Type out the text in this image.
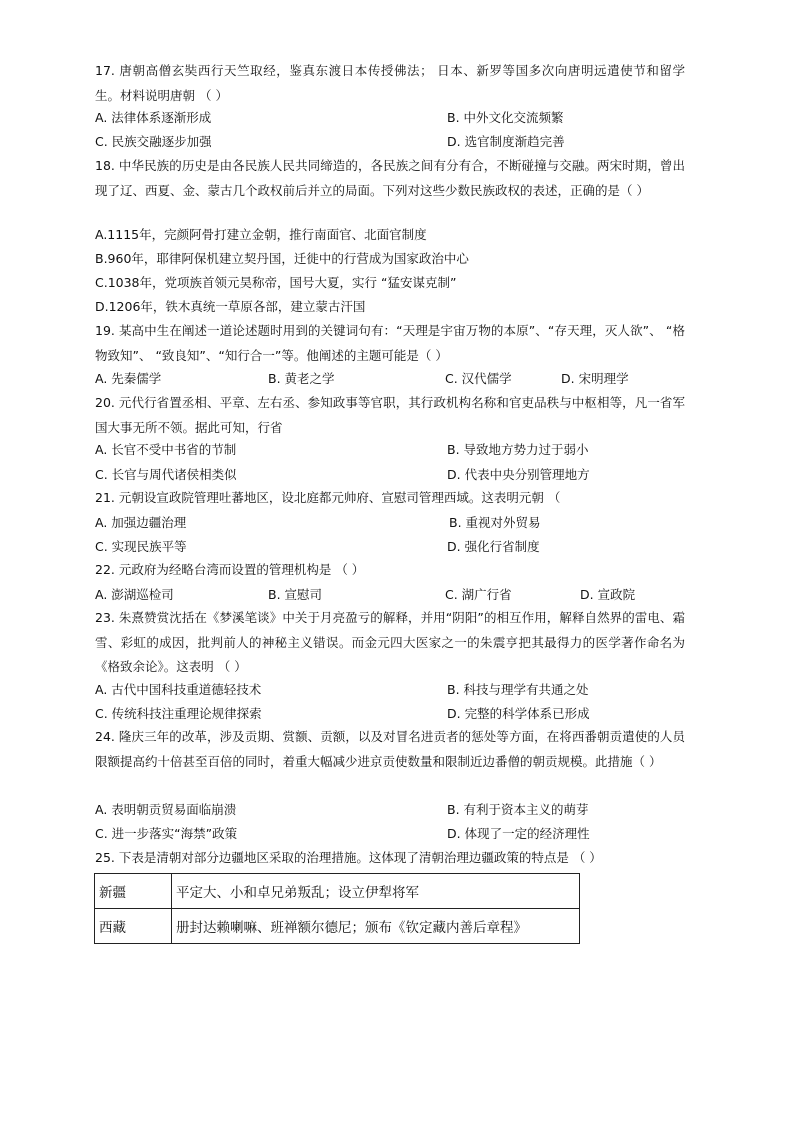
17. 唐朝高僧玄奘西行天竺取经，鉴真东渡日本传授佛法； 日本、新罗等国多次向唐明远遣使节和留学生。材料说明唐朝 （ ）
A. 法律体系逐渐形成	B. 中外文化交流频繁
C. 民族交融逐步加强	D. 选官制度渐趋完善
18. 中华民族的历史是由各民族人民共同缔造的，各民族之间有分有合，不断碰撞与交融。两宋时期，曾出现了辽、西夏、金、蒙古几个政权前后并立的局面。下列对这些少数民族政权的表述，正确的是（ ）
A.1115年，完颜阿骨打建立金朝，推行南面官、北面官制度
B.960年，耶律阿保机建立契丹国，迁徙中的行营成为国家政治中心
C.1038年，党项族首领元昊称帝，国号大夏，实行 “猛安谋克制”
D.1206年，铁木真统一草原各部，建立蒙古汗国
19. 某高中生在阐述一道论述题时用到的关键词句有：“天理是宇宙万物的本原”、“存天理，灭人欲”、 “格物致知”、 “致良知”、“知行合一”等。他阐述的主题可能是（ ）
A. 先秦儒学	B. 黄老之学	C. 汉代儒学	D. 宋明理学
20. 元代行省置丞相、平章、左右丞、参知政事等官职，其行政机构名称和官吏品秩与中枢相等，凡一省军国大事无所不领。据此可知，行省
A. 长官不受中书省的节制	B. 导致地方势力过于弱小
C. 长官与周代诸侯相类似	D. 代表中央分别管理地方
21. 元朝设宣政院管理吐蕃地区，设北庭都元帅府、宣慰司管理西域。这表明元朝 （
A. 加强边疆治理	B. 重视对外贸易
C. 实现民族平等	D. 强化行省制度
22. 元政府为经略台湾而设置的管理机构是 （ ）
A. 澎湖巡检司	B. 宣慰司	C. 湖广行省	D. 宣政院
23. 朱熹赞赏沈括在《梦溪笔谈》中关于月亮盈亏的解释，并用“阴阳”的相互作用，解释自然界的雷电、霜雪、彩虹的成因，批判前人的神秘主义错误。而金元四大医家之一的朱震亨把其最得力的医学著作命名为《格致余论》。这表明 （ ）
A. 古代中国科技重道德轻技术	B. 科技与理学有共通之处
C. 传统科技注重理论规律探索	D. 完整的科学体系已形成
24. 隆庆三年的改革，涉及贡期、赏额、贡额，以及对冒名进贡者的惩处等方面，在将西番朝贡遣使的人员限额提高约十倍甚至百倍的同时，着重大幅减少进京贡使数量和限制近边番僧的朝贡规模。此措施（ ）
A. 表明朝贡贸易面临崩溃	B. 有利于资本主义的萌芽
C. 进一步落实“海禁”政策	D. 体现了一定的经济理性
25. 下表是清朝对部分边疆地区采取的治理措施。这体现了清朝治理边疆政策的特点是 （ ）
新疆	平定大、小和卓兄弟叛乱；设立伊犁将军
西藏	册封达赖喇嘛、班禅额尔德尼；颁布《钦定藏内善后章程》
